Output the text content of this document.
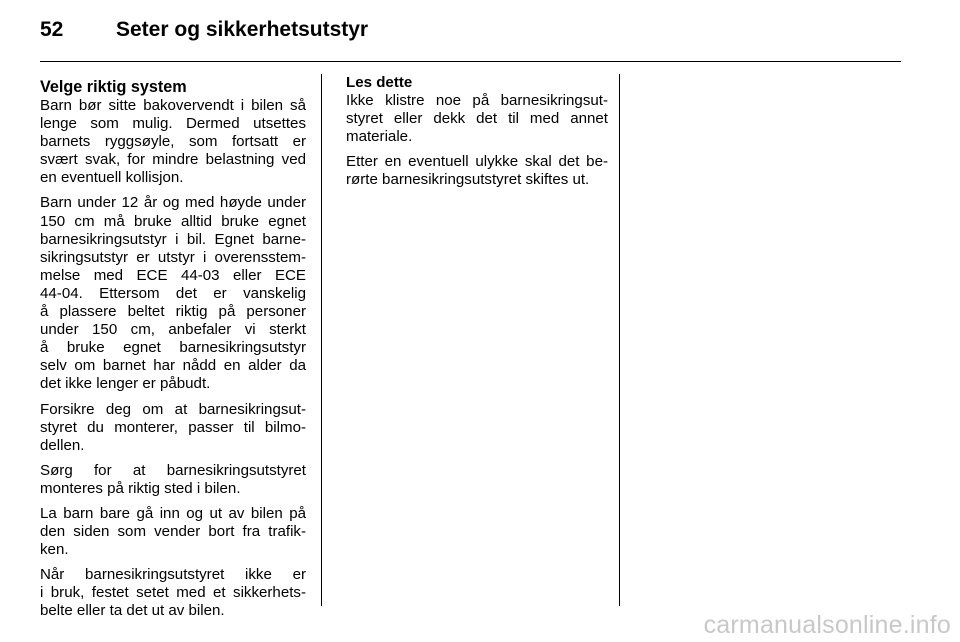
52	Seter og sikkerhetsutstyr
Velge riktig system
Barn bør sitte bakovervendt i bilen så
lenge som mulig. Dermed utsettes
barnets ryggsøyle, som fortsatt er
svært svak, for mindre belastning ved
en eventuell kollisjon.
Barn under 12 år og med høyde under
150 cm må bruke alltid bruke egnet
barnesikringsutstyr i bil. Egnet barne-
sikringsutstyr er utstyr i overensstem-
melse med ECE 44-03 eller ECE
44-04. Ettersom det er vanskelig
å plassere beltet riktig på personer
under 150 cm, anbefaler vi sterkt
å bruke egnet barnesikringsutstyr
selv om barnet har nådd en alder da
det ikke lenger er påbudt.
Forsikre deg om at barnesikringsut-
styret du monterer, passer til bilmo-
dellen.
Sørg for at barnesikringsutstyret
monteres på riktig sted i bilen.
La barn bare gå inn og ut av bilen på
den siden som vender bort fra trafik-
ken.
Når barnesikringsutstyret ikke er
i bruk, festet setet med et sikkerhets-
belte eller ta det ut av bilen.
Les dette
Ikke klistre noe på barnesikringsut-
styret eller dekk det til med annet
materiale.
Etter en eventuell ulykke skal det be-
rørte barnesikringsutstyret skiftes ut.
carmanualsonline.info
